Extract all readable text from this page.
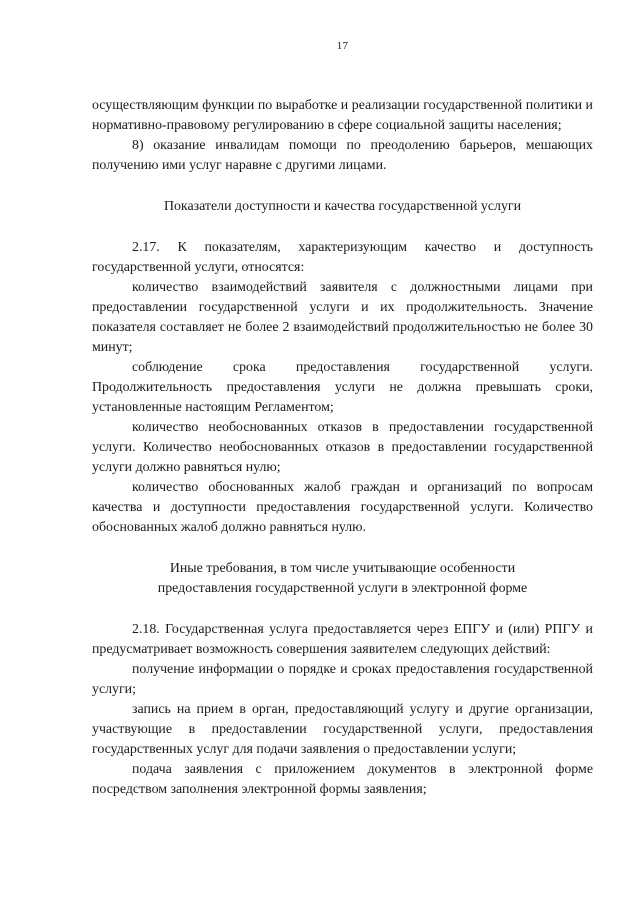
17

осуществляющим функции по выработке и реализации государственной политики и нормативно-правовому регулированию в сфере социальной защиты населения;

8) оказание инвалидам помощи по преодолению барьеров, мешающих получению ими услуг наравне с другими лицами.

Показатели доступности и качества государственной услуги

2.17. К показателям, характеризующим качество и доступность государственной услуги, относятся:

количество взаимодействий заявителя с должностными лицами при предоставлении государственной услуги и их продолжительность. Значение показателя составляет не более 2 взаимодействий продолжительностью не более 30 минут;

соблюдение срока предоставления государственной услуги. Продолжительность предоставления услуги не должна превышать сроки, установленные настоящим Регламентом;

количество необоснованных отказов в предоставлении государственной услуги. Количество необоснованных отказов в предоставлении государственной услуги должно равняться нулю;

количество обоснованных жалоб граждан и организаций по вопросам качества и доступности предоставления государственной услуги. Количество обоснованных жалоб должно равняться нулю.

Иные требования, в том числе учитывающие особенности

предоставления государственной услуги в электронной форме

2.18. Государственная услуга предоставляется через ЕПГУ и (или) РПГУ и предусматривает возможность совершения заявителем следующих действий:

получение информации о порядке и сроках предоставления государственной услуги;

запись на прием в орган, предоставляющий услугу и другие организации, участвующие в предоставлении государственной услуги, предоставления государственных услуг для подачи заявления о предоставлении услуги;

подача заявления с приложением документов в электронной форме посредством заполнения электронной формы заявления;
